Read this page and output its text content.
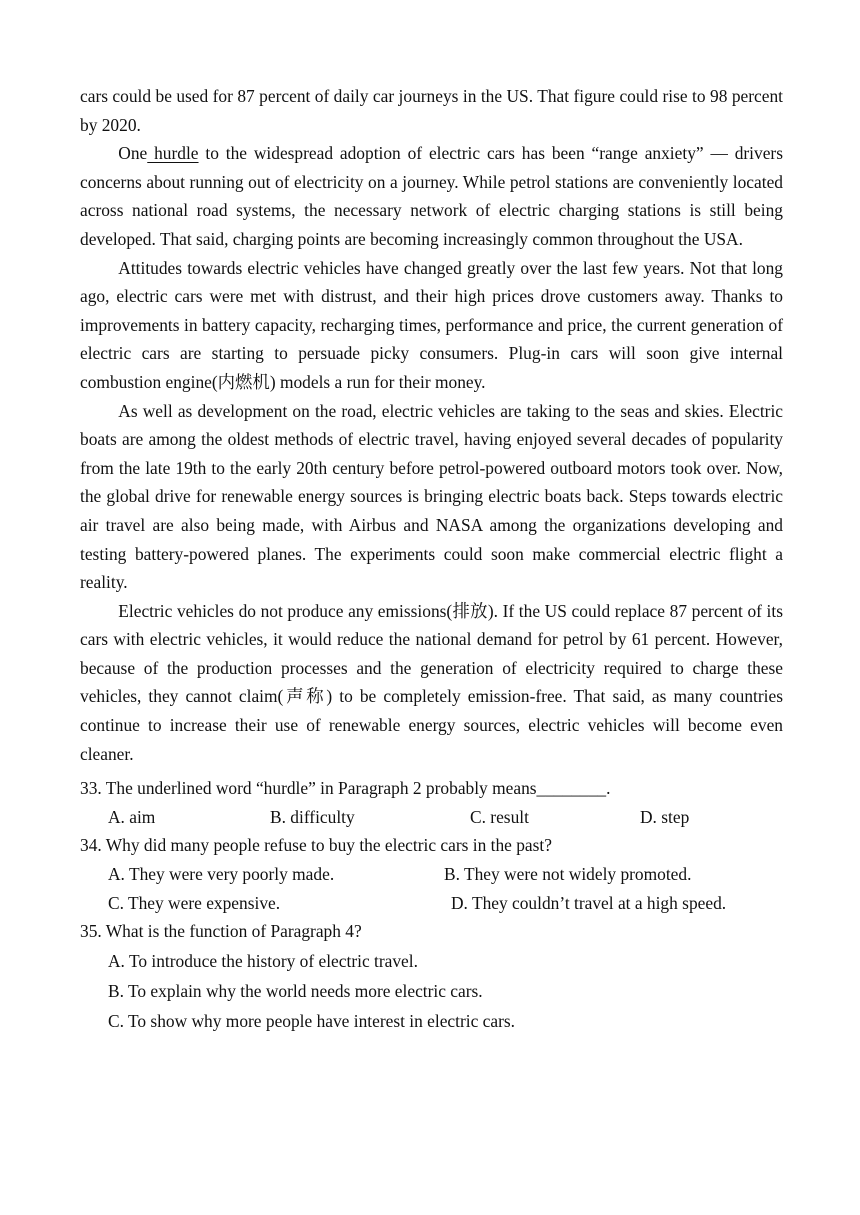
cars could be used for 87 percent of daily car journeys in the US. That figure could rise to 98 percent by 2020.

One hurdle to the widespread adoption of electric cars has been “range anxiety” — drivers concerns about running out of electricity on a journey. While petrol stations are conveniently located across national road systems, the necessary network of electric charging stations is still being developed. That said, charging points are becoming increasingly common throughout the USA.

Attitudes towards electric vehicles have changed greatly over the last few years. Not that long ago, electric cars were met with distrust, and their high prices drove customers away. Thanks to improvements in battery capacity, recharging times, performance and price, the current generation of electric cars are starting to persuade picky consumers. Plug-in cars will soon give internal combustion engine(内燃机) models a run for their money.

As well as development on the road, electric vehicles are taking to the seas and skies. Electric boats are among the oldest methods of electric travel, having enjoyed several decades of popularity from the late 19th to the early 20th century before petrol-powered outboard motors took over. Now, the global drive for renewable energy sources is bringing electric boats back. Steps towards electric air travel are also being made, with Airbus and NASA among the organizations developing and testing battery-powered planes. The experiments could soon make commercial electric flight a reality.

Electric vehicles do not produce any emissions(排放). If the US could replace 87 percent of its cars with electric vehicles, it would reduce the national demand for petrol by 61 percent. However, because of the production processes and the generation of electricity required to charge these vehicles, they cannot claim(声称) to be completely emission-free. That said, as many countries continue to increase their use of renewable energy sources, electric vehicles will become even cleaner.

33. The underlined word “hurdle” in Paragraph 2 probably means________.

A. aim	B. difficulty	C. result	D. step

34. Why did many people refuse to buy the electric cars in the past?

A. They were very poorly made.	B. They were not widely promoted.
C. They were expensive.	D. They couldn’t travel at a high speed.

35. What is the function of Paragraph 4?

A. To introduce the history of electric travel.

B. To explain why the world needs more electric cars.

C. To show why more people have interest in electric cars.
